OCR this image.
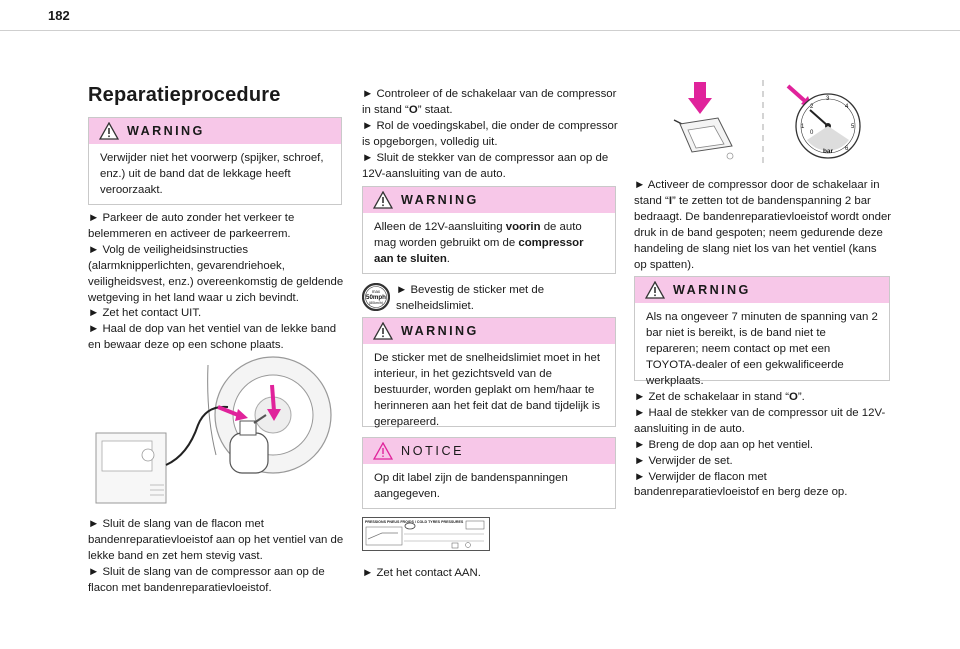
182
Reparatieprocedure
WARNING
Verwijder niet het voorwerp (spijker, schroef, enz.) uit de band dat de lekkage heeft veroorzaakt.

► Parkeer de auto zonder het verkeer te belemmeren en activeer de parkeerrem.

► Volg de veiligheidsinstructies (alarmknipperlichten, gevarendriehoek, veiligheidsvest, enz.) overeenkomstig de geldende wetgeving in het land waar u zich bevindt.

► Zet het contact UIT.

► Haal de dop van het ventiel van de lekke band en bewaar deze op een schone plaats.

► Sluit de slang van de flacon met bandenreparatievloeistof aan op het ventiel van de lekke band en zet hem stevig vast.

► Sluit de slang van de compressor aan op de flacon met bandenreparatievloeistof.

► Controleer of de schakelaar van de compressor in stand “O” staat.

► Rol de voedingskabel, die onder de compressor is opgeborgen, volledig uit.

► Sluit de stekker van de compressor aan op de 12V-aansluiting van de auto.

WARNING
Alleen de 12V-aansluiting voorin de auto mag worden gebruikt om de compressor aan te sluiten.
max
50mph
(80km/h)
► Bevestig de sticker met de snelheidslimiet.
WARNING
De sticker met de snelheidslimiet moet in het interieur, in het gezichtsveld van de bestuurder, worden geplakt om hem/haar te herinneren aan het feit dat de band tijdelijk is gerepareerd.
NOTICE
Op dit label zijn de bandenspanningen aangegeven.
PRESSIONS PNEUS FROIDS / COLD TYRES PRESSURES
► Zet het contact AAN.
0
1
2
3
4
5
6
bar
► Activeer de compressor door de schakelaar in stand “I” te zetten tot de bandenspanning 2 bar bedraagt. De bandenreparatievloeistof wordt onder druk in de band gespoten; neem gedurende deze handeling de slang niet los van het ventiel (kans op spatten).
WARNING
Als na ongeveer 7 minuten de spanning van 2 bar niet is bereikt, is de band niet te repareren; neem contact op met een TOYOTA-dealer of een gekwalificeerde werkplaats.

► Zet de schakelaar in stand “O”.

► Haal de stekker van de compressor uit de 12V-aansluiting in de auto.

► Breng de dop aan op het ventiel.

► Verwijder de set.

► Verwijder de flacon met bandenreparatievloeistof en berg deze op.
